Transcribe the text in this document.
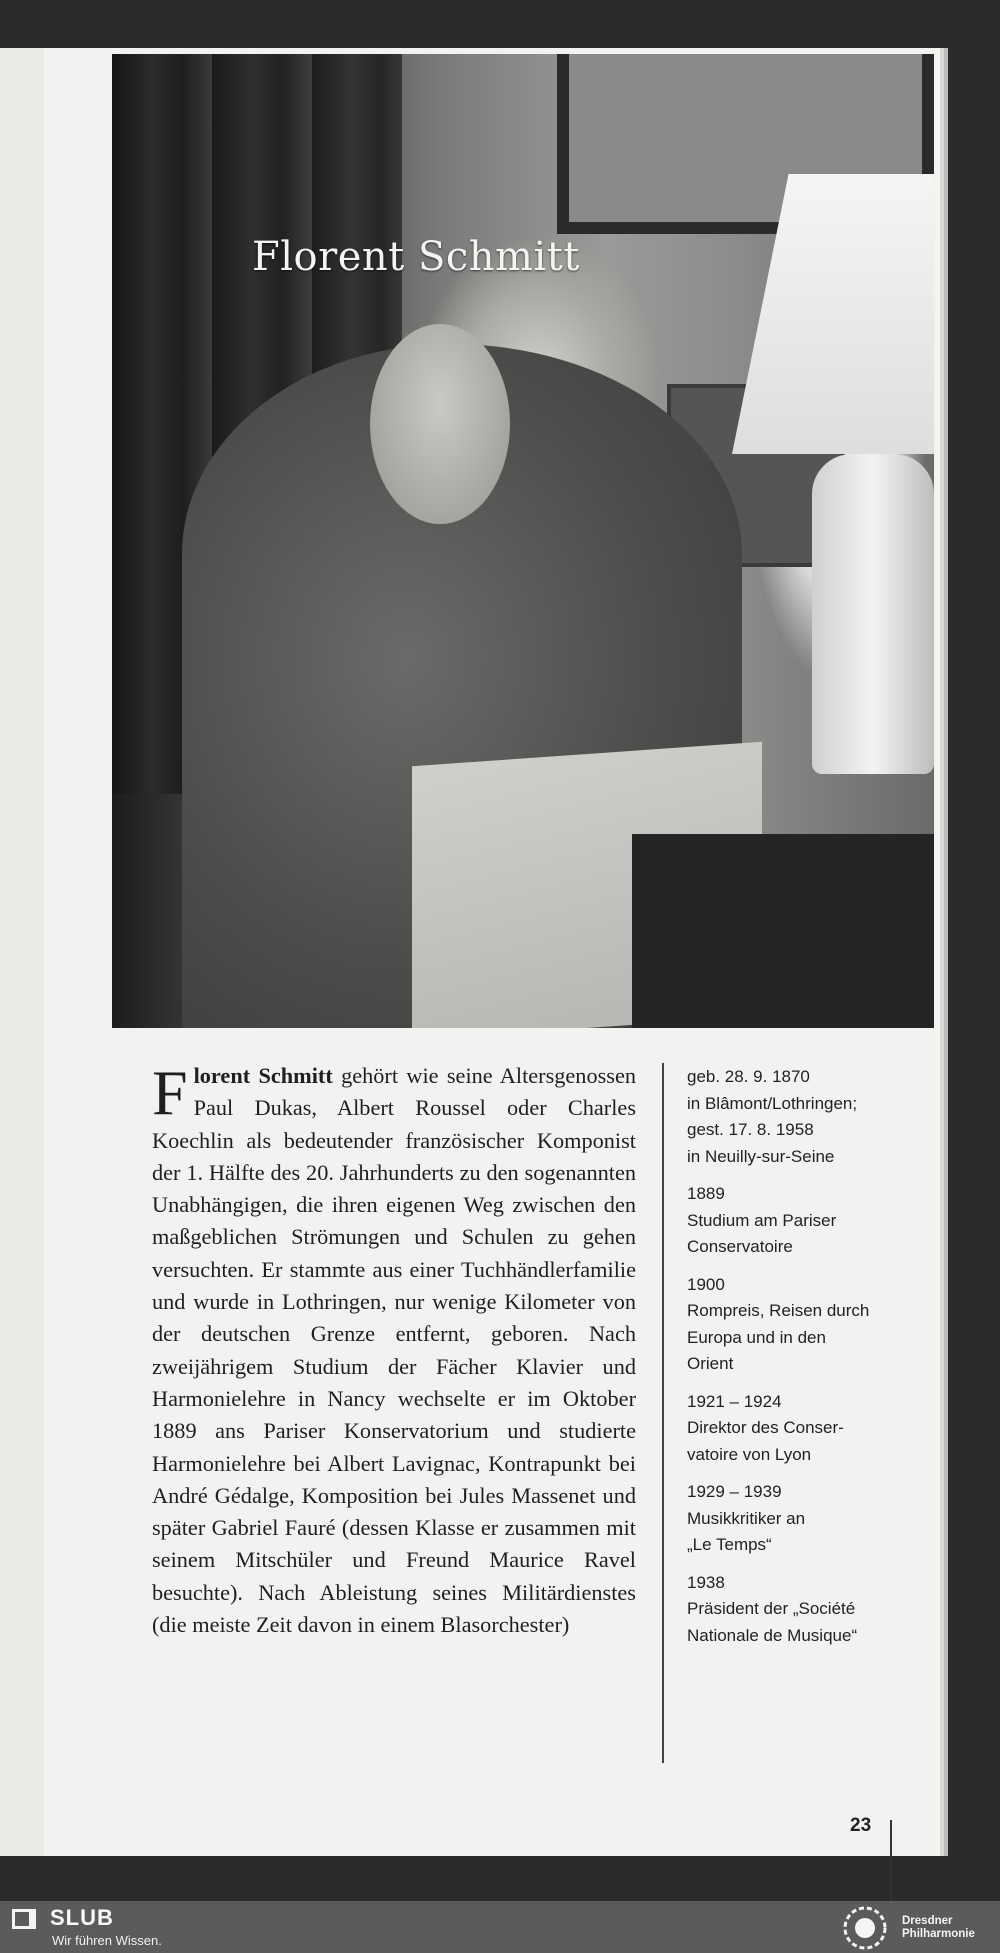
Florent Schmitt
Florent Schmitt gehört wie seine Altersgenossen Paul Dukas, Albert Roussel oder Charles Koechlin als bedeutender französischer Komponist der 1. Hälfte des 20. Jahrhunderts zu den sogenannten Unabhängigen, die ihren eigenen Weg zwischen den maßgeblichen Strömungen und Schulen zu gehen versuchten. Er stammte aus einer Tuchhändlerfamilie und wurde in Lothringen, nur wenige Kilometer von der deutschen Grenze entfernt, geboren. Nach zweijährigem Studium der Fächer Klavier und Harmonielehre in Nancy wechselte er im Oktober 1889 ans Pariser Konservatorium und studierte Harmonielehre bei Albert Lavignac, Kontrapunkt bei André Gédalge, Komposition bei Jules Massenet und später Gabriel Fauré (dessen Klasse er zusammen mit seinem Mitschüler und Freund Maurice Ravel besuchte). Nach Ableistung seines Militärdienstes (die meiste Zeit davon in einem Blasorchester)
geb. 28. 9. 1870
in Blâmont/Lothringen;
gest. 17. 8. 1958
in Neuilly-sur-Seine
1889
Studium am Pariser
Conservatoire
1900
Rompreis, Reisen durch
Europa und in den
Orient
1921 – 1924
Direktor des Conser-
vatoire von Lyon
1929 – 1939
Musikkritiker an
„Le Temps“
1938
Präsident der „Société
Nationale de Musique“
23
SLUB
Wir führen Wissen.
Dresdner
Philharmonie
